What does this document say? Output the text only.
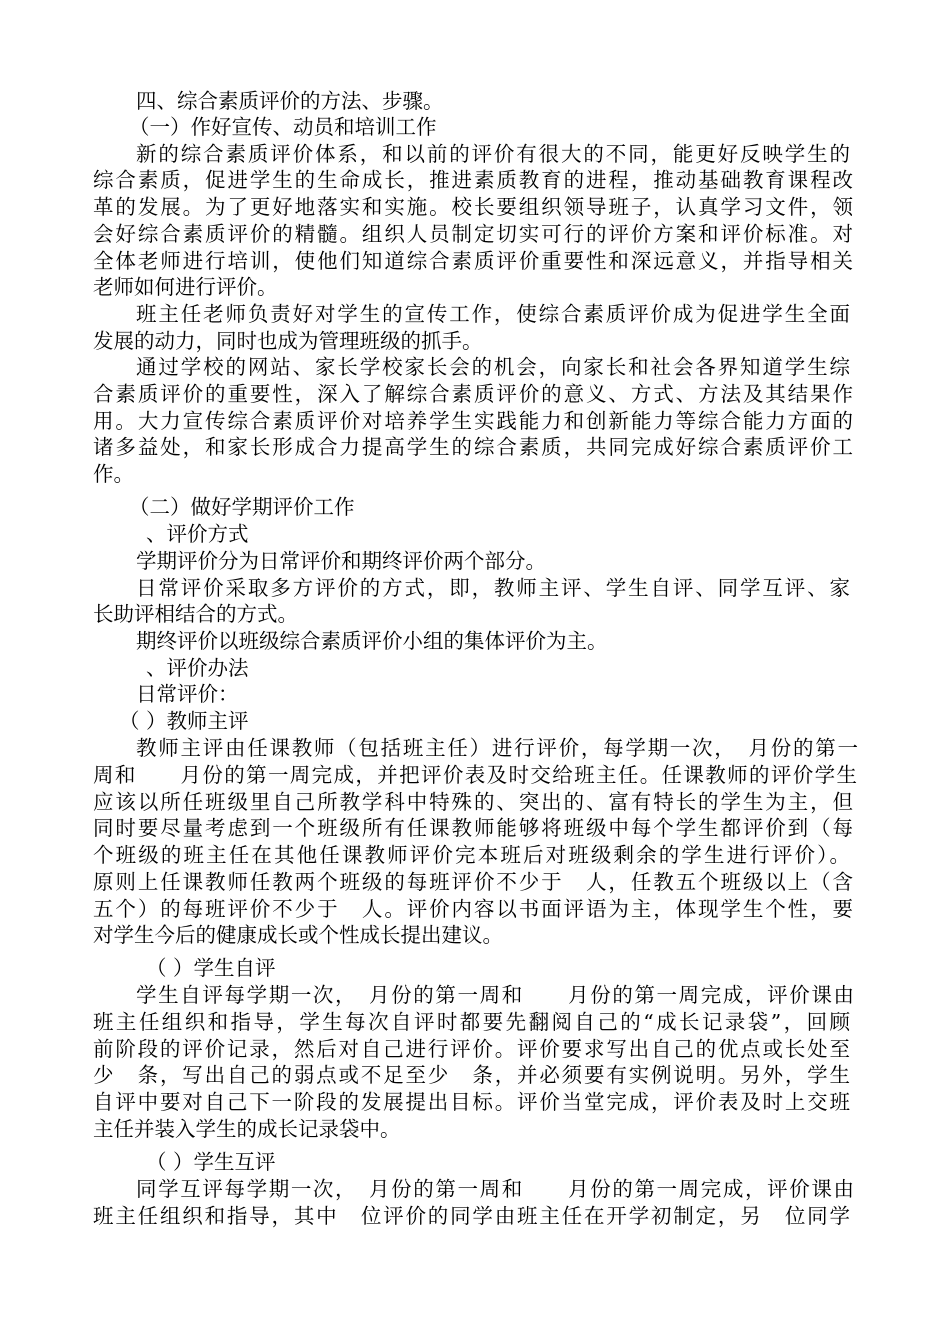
四、综合素质评价的方法、步骤。
（一）作好宣传、动员和培训工作
新的综合素质评价体系，和以前的评价有很大的不同，能更好反映学生的
综合素质，促进学生的生命成长，推进素质教育的进程，推动基础教育课程改
革的发展。为了更好地落实和实施。校长要组织领导班子，认真学习文件，领
会好综合素质评价的精髓。组织人员制定切实可行的评价方案和评价标准。对
全体老师进行培训，使他们知道综合素质评价重要性和深远意义，并指导相关
老师如何进行评价。
班主任老师负责好对学生的宣传工作，使综合素质评价成为促进学生全面
发展的动力，同时也成为管理班级的抓手。
通过学校的网站、家长学校家长会的机会，向家长和社会各界知道学生综
合素质评价的重要性，深入了解综合素质评价的意义、方式、方法及其结果作
用。大力宣传综合素质评价对培养学生实践能力和创新能力等综合能力方面的
诸多益处，和家长形成合力提高学生的综合素质，共同完成好综合素质评价工
作。
（二）做好学期评价工作
、评价方式
学期评价分为日常评价和期终评价两个部分。
日常评价采取多方评价的方式，即，教师主评、学生自评、同学互评、家
长助评相结合的方式。
期终评价以班级综合素质评价小组的集体评价为主。
、评价办法
日常评价：
（ ）教师主评
教师主评由任课教师（包括班主任）进行评价，每学期一次，　月份的第一
周和　　月份的第一周完成，并把评价表及时交给班主任。任课教师的评价学生
应该以所任班级里自己所教学科中特殊的、突出的、富有特长的学生为主，但
同时要尽量考虑到一个班级所有任课教师能够将班级中每个学生都评价到（每
个班级的班主任在其他任课教师评价完本班后对班级剩余的学生进行评价）。
原则上任课教师任教两个班级的每班评价不少于　人，任教五个班级以上（含
五个）的每班评价不少于　人。评价内容以书面评语为主，体现学生个性，要
对学生今后的健康成长或个性成长提出建议。
（ ）学生自评
学生自评每学期一次，　月份的第一周和　　月份的第一周完成，评价课由
班主任组织和指导，学生每次自评时都要先翻阅自己的“成长记录袋”，回顾
前阶段的评价记录，然后对自己进行评价。评价要求写出自己的优点或长处至
少　条，写出自己的弱点或不足至少　条，并必须要有实例说明。另外，学生
自评中要对自己下一阶段的发展提出目标。评价当堂完成，评价表及时上交班
主任并装入学生的成长记录袋中。
（ ）学生互评
同学互评每学期一次，　月份的第一周和　　月份的第一周完成，评价课由
班主任组织和指导，其中　位评价的同学由班主任在开学初制定，另　位同学
